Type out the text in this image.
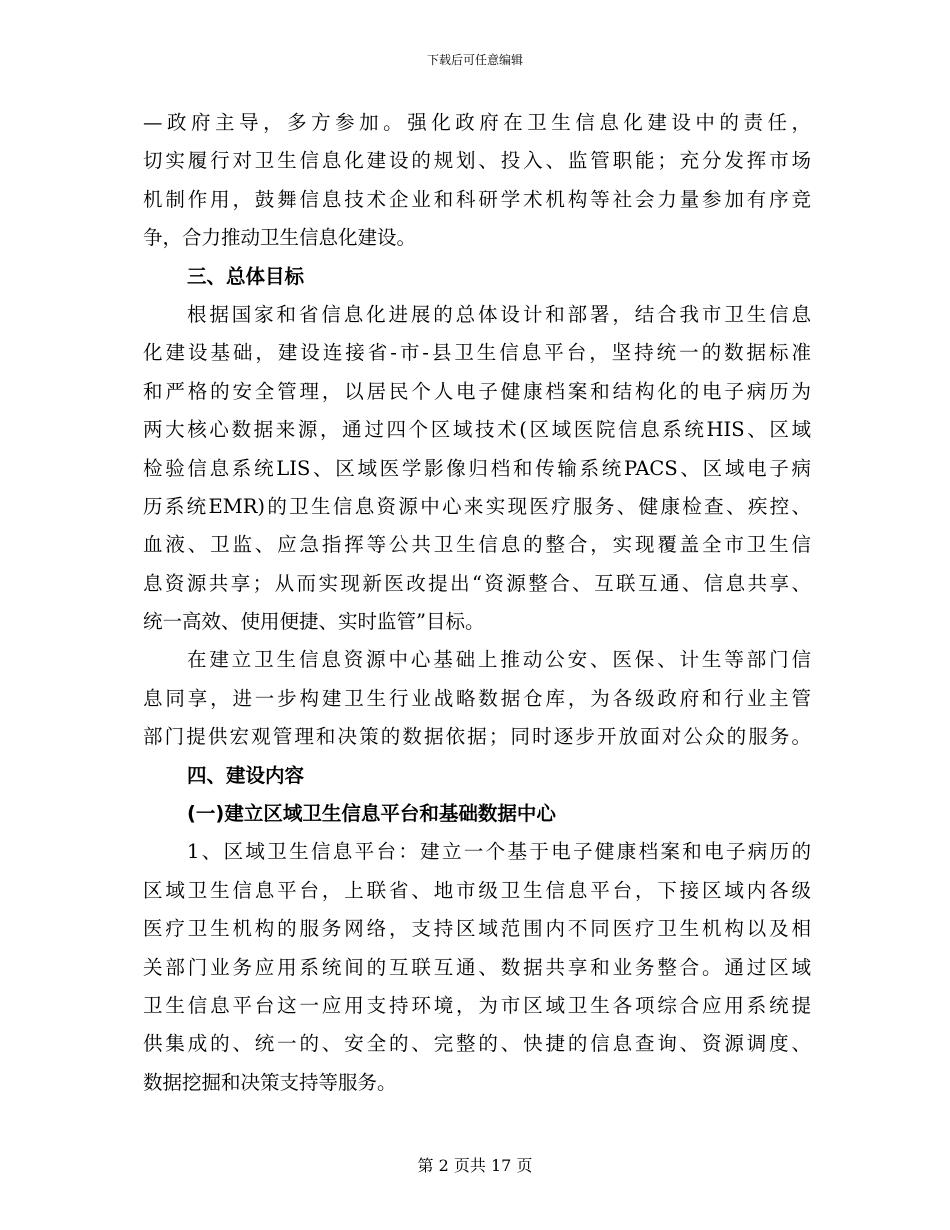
下载后可任意编辑
—政府主导，多方参加。强化政府在卫生信息化建设中的责任，
切实履行对卫生信息化建设的规划、投入、监管职能；充分发挥市场
机制作用，鼓舞信息技术企业和科研学术机构等社会力量参加有序竞
争，合力推动卫生信息化建设。
三、总体目标
根据国家和省信息化进展的总体设计和部署，结合我市卫生信息
化建设基础，建设连接省-市-县卫生信息平台，坚持统一的数据标准
和严格的安全管理，以居民个人电子健康档案和结构化的电子病历为
两大核心数据来源，通过四个区域技术(区域医院信息系统HIS、区域
检验信息系统LIS、区域医学影像归档和传输系统PACS、区域电子病
历系统EMR)的卫生信息资源中心来实现医疗服务、健康检查、疾控、
血液、卫监、应急指挥等公共卫生信息的整合，实现覆盖全市卫生信
息资源共享；从而实现新医改提出“资源整合、互联互通、信息共享、
统一高效、使用便捷、实时监管”目标。
在建立卫生信息资源中心基础上推动公安、医保、计生等部门信
息同享，进一步构建卫生行业战略数据仓库，为各级政府和行业主管
部门提供宏观管理和决策的数据依据；同时逐步开放面对公众的服务。
四、建设内容
(一)建立区域卫生信息平台和基础数据中心
1、区域卫生信息平台：建立一个基于电子健康档案和电子病历的
区域卫生信息平台，上联省、地市级卫生信息平台，下接区域内各级
医疗卫生机构的服务网络，支持区域范围内不同医疗卫生机构以及相
关部门业务应用系统间的互联互通、数据共享和业务整合。通过区域
卫生信息平台这一应用支持环境，为市区域卫生各项综合应用系统提
供集成的、统一的、安全的、完整的、快捷的信息查询、资源调度、
数据挖掘和决策支持等服务。
第 2 页共 17 页
